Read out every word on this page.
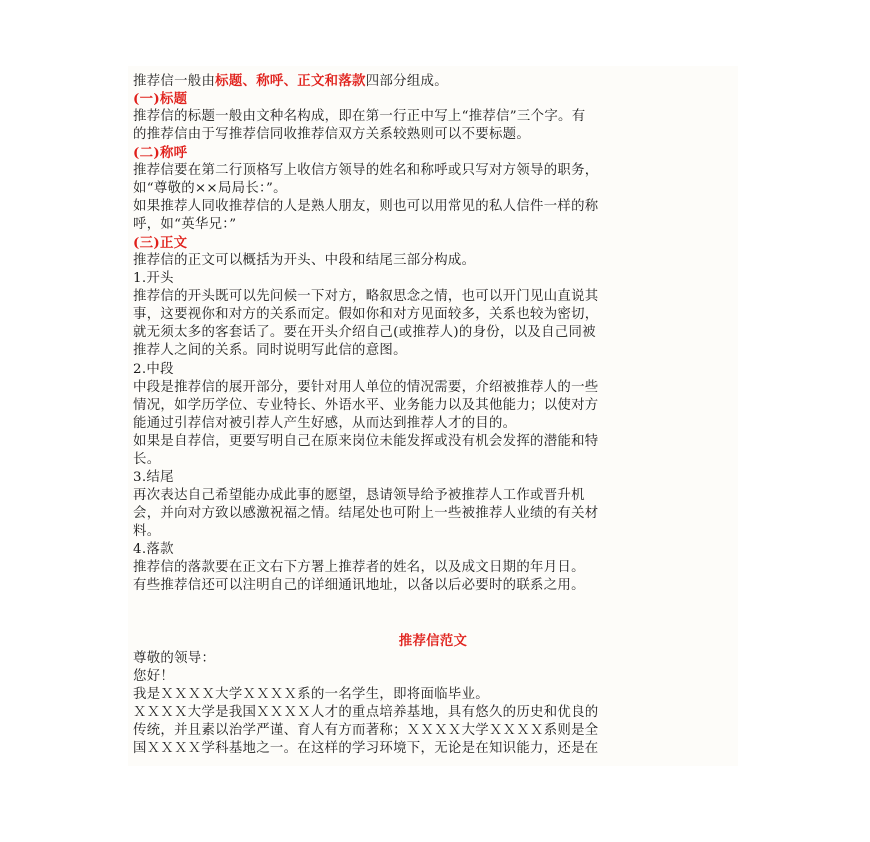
推荐信一般由标题、称呼、正文和落款四部分组成。
(一)标题
推荐信的标题一般由文种名构成，即在第一行正中写上“推荐信”三个字。有
的推荐信由于写推荐信同收推荐信双方关系较熟则可以不要标题。
(二)称呼
推荐信要在第二行顶格写上收信方领导的姓名和称呼或只写对方领导的职务，
如“尊敬的××局局长：”。
如果推荐人同收推荐信的人是熟人朋友，则也可以用常见的私人信件一样的称
呼，如“英华兄：”
(三)正文
推荐信的正文可以概括为开头、中段和结尾三部分构成。
1.开头
推荐信的开头既可以先问候一下对方，略叙思念之情，也可以开门见山直说其
事，这要视你和对方的关系而定。假如你和对方见面较多，关系也较为密切，
就无须太多的客套话了。要在开头介绍自己(或推荐人)的身份，以及自己同被
推荐人之间的关系。同时说明写此信的意图。
2.中段
中段是推荐信的展开部分，要针对用人单位的情况需要，介绍被推荐人的一些
情况，如学历学位、专业特长、外语水平、业务能力以及其他能力；以使对方
能通过引荐信对被引荐人产生好感，从而达到推荐人才的目的。
如果是自荐信，更要写明自己在原来岗位未能发挥或没有机会发挥的潜能和特
长。
3.结尾
再次表达自己希望能办成此事的愿望，恳请领导给予被推荐人工作或晋升机
会，并向对方致以感激祝福之情。结尾处也可附上一些被推荐人业绩的有关材
料。
4.落款
推荐信的落款要在正文右下方署上推荐者的姓名，以及成文日期的年月日。
有些推荐信还可以注明自己的详细通讯地址，以备以后必要时的联系之用。
推荐信范文
尊敬的领导：
您好！
我是ＸＸＸＸ大学ＸＸＸＸ系的一名学生，即将面临毕业。
ＸＸＸＸ大学是我国ＸＸＸＸ人才的重点培养基地，具有悠久的历史和优良的
传统，并且素以治学严谨、育人有方而著称；ＸＸＸＸ大学ＸＸＸＸ系则是全
国ＸＸＸＸ学科基地之一。在这样的学习环境下，无论是在知识能力，还是在
